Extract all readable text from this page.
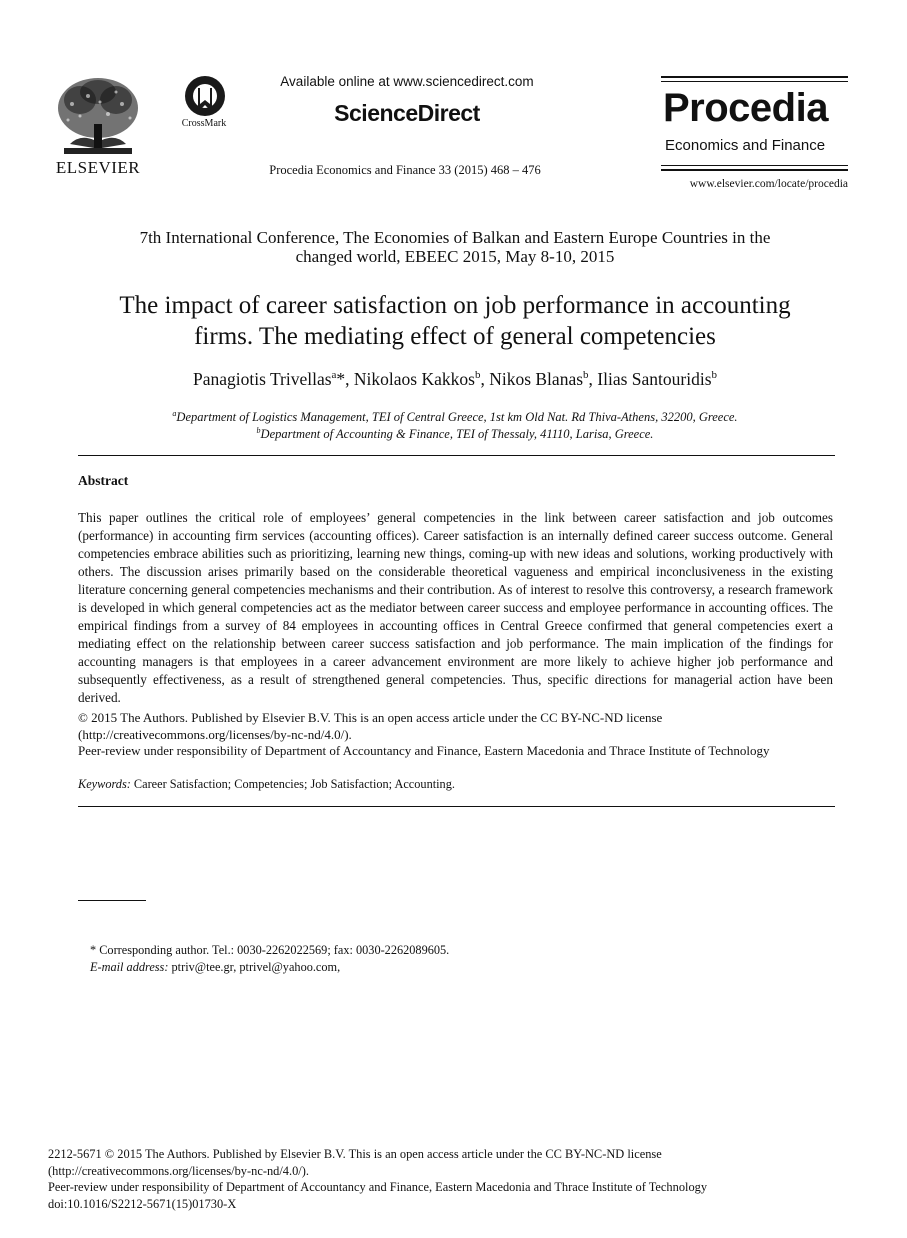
ELSEVIER
CrossMark
Available online at www.sciencedirect.com
ScienceDirect
Procedia Economics and Finance 33 (2015) 468 – 476
Procedia
Economics and Finance
www.elsevier.com/locate/procedia
7th International Conference, The Economies of Balkan and Eastern Europe Countries in the
changed world, EBEEC 2015, May 8-10, 2015
The impact of career satisfaction on job performance in accounting
firms. The mediating effect of general competencies
Panagiotis Trivellas$^a$*, Nikolaos Kakkos$^b$, Nikos Blanas$^b$, Ilias Santouridis$^b$
$^a$Department of Logistics Management, TEI of Central Greece, 1st km Old Nat. Rd Thiva-Athens, 32200, Greece.
$^b$Department of Accounting & Finance, TEI of Thessaly, 41110, Larisa, Greece.
Abstract
This paper outlines the critical role of employees’ general competencies in the link between career satisfaction and job outcomes (performance) in accounting firm services (accounting offices). Career satisfaction is an internally defined career success outcome. General competencies embrace abilities such as prioritizing, learning new things, coming-up with new ideas and solutions, working productively with others. The discussion arises primarily based on the considerable theoretical vagueness and empirical inconclusiveness in the existing literature concerning general competencies mechanisms and their contribution. As of interest to resolve this controversy, a research framework is developed in which general competencies act as the mediator between career success and employee performance in accounting offices. The empirical findings from a survey of 84 employees in accounting offices in Central Greece confirmed that general competencies exert a mediating effect on the relationship between career success satisfaction and job performance. The main implication of the findings for accounting managers is that employees in a career advancement environment are more likely to achieve higher job performance and subsequently effectiveness, as a result of strengthened general competencies. Thus, specific directions for managerial action have been derived.
© 2015 The Authors. Published by Elsevier B.V. This is an open access article under the CC BY-NC-ND license
(http://creativecommons.org/licenses/by-nc-nd/4.0/).
Peer-review under responsibility of Department of Accountancy and Finance, Eastern Macedonia and Thrace Institute of Technology
Keywords: Career Satisfaction; Competencies; Job Satisfaction; Accounting.
* Corresponding author. Tel.: 0030-2262022569; fax: 0030-2262089605.
E-mail address: ptriv@tee.gr, ptrivel@yahoo.com,
2212-5671 © 2015 The Authors. Published by Elsevier B.V. This is an open access article under the CC BY-NC-ND license
(http://creativecommons.org/licenses/by-nc-nd/4.0/).
Peer-review under responsibility of Department of Accountancy and Finance, Eastern Macedonia and Thrace Institute of Technology
doi:10.1016/S2212-5671(15)01730-X
